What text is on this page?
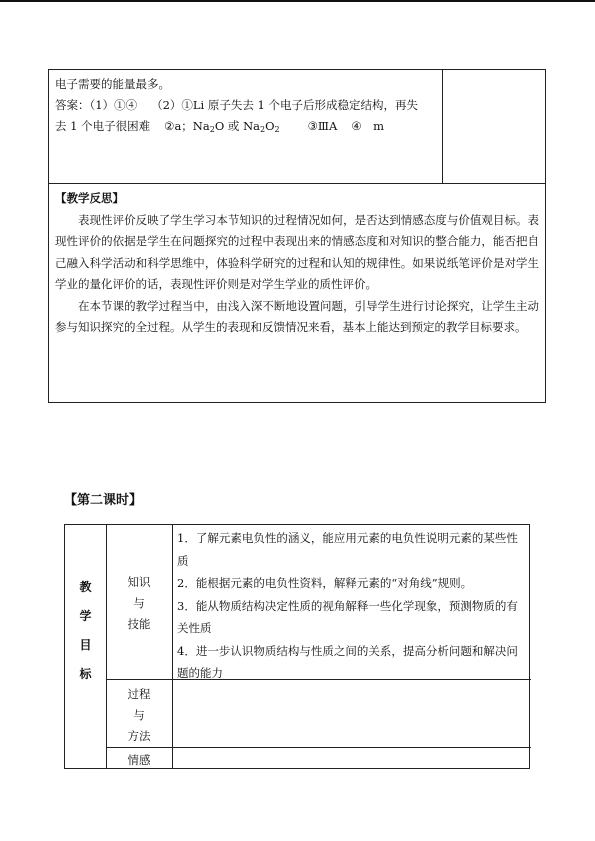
电子需要的能量最多。

答案：（1）①④ （2）①Li 原子失去 1 个电子后形成稳定结构，再失

去 1 个电子很困难 ②a；$Na_2O$ 或 $Na_2O_2$ ③ⅢA ④　m

【教学反思】

表现性评价反映了学生学习本节知识的过程情况如何，是否达到情感态度与价值观目标。表现性评价的依据是学生在问题探究的过程中表现出来的情感态度和对知识的整合能力，能否把自己融入科学活动和科学思维中，体验科学研究的过程和认知的规律性。如果说纸笔评价是对学生学业的量化评价的话，表现性评价则是对学生学业的质性评价。

在本节课的教学过程当中，由浅入深不断地设置问题，引导学生进行讨论探究，让学生主动参与知识探究的全过程。从学生的表现和反馈情况来看，基本上能达到预定的教学目标要求。

【第二课时】
教
学
目
标
知识
与
技能
过程
与
方法
情感

1．了解元素电负性的涵义，能应用元素的电负性说明元素的某些性质

2．能根据元素的电负性资料，解释元素的“对角线”规则。

3．能从物质结构决定性质的视角解释一些化学现象，预测物质的有关性质

4．进一步认识物质结构与性质之间的关系，提高分析问题和解决问题的能力
